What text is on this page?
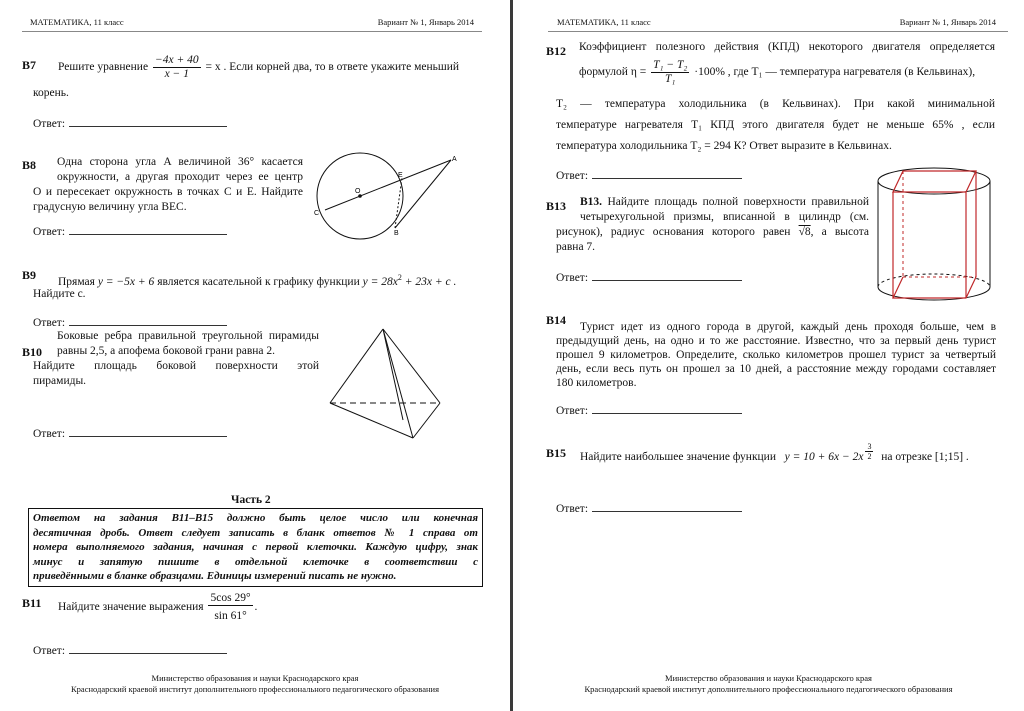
МАТЕМАТИКА, 11 класс	Вариант № 1, Январь 2014
B7 Решите уравнение $\frac{-4x + 40}{x - 1} = x$ . Если корней два, то в ответе укажите меньший
корень.
Ответ:
B8	Одна сторона угла A величиной 36° касается
окружности, а другая проходит через ее центр
O и пересекает окружность в точках C и E. Найдите
градусную величину угла BEC.
A
E
O
C
B
Ответ:
B9 Прямая y = −5x + 6 является касательной к графику функции $y = 28x^2 + 23x + c$ .
Найдите c.
Ответ:
B10
Боковые ребра правильной треугольной пирамиды
равны 2,5, а апофема боковой грани равна 2.
Найдите площадь боковой поверхности этой
пирамиды.
Ответ:
Часть 2
Ответом на задания B11–B15 должно быть целое число или конечная
десятичная дробь. Ответ следует записать в бланк ответов № 1 справа от
номера выполняемого задания, начиная с первой клеточки. Каждую цифру, знак
минус и запятую пишите в отдельной клеточке в соответствии с
приведёнными в бланке образцами. Единицы измерений писать не нужно.
B11 Найдите значение выражения $\frac{5\cos 29^\circ}{\sin 61^\circ}$ .
Ответ:
Министерство образования и науки Краснодарского края
Краснодарский краевой институт дополнительного профессионального педагогического образования
МАТЕМАТИКА, 11 класс	Вариант № 1, Январь 2014
B12 Коэффициент полезного действия (КПД) некоторого двигателя определяется
формулой $\eta = \frac{\text{T₁ − T₂}}{\text{T₁}} \cdot 100\%$ , где T₁ — температура нагревателя (в Кельвинах),
T₂ — температура холодильника (в Кельвинах). При какой минимальной
температуре нагревателя T₁ КПД этого двигателя будет не меньше 65% , если
температура холодильника T₂ = 294 К? Ответ выразите в Кельвинах.
Ответ:
B13	B13. Найдите площадь полной поверхности правильной
четырехугольной призмы, вписанной в цилиндр (см.
рисунок), радиус основания которого равен √8, а высота
равна 7.
Ответ:
B14	Турист идет из одного города в другой, каждый день проходя больше, чем в
предыдущий день, на одно и то же расстояние. Известно, что за первый день турист
прошел 9 километров. Определите, сколько километров прошел турист за четвертый
день, если весь путь он прошел за 10 дней, а расстояние между городами составляет
180 километров.
Ответ:
B15 Найдите наибольшее значение функции $y = 10 + 6x - 2x \frac{3}{2}$ на отрезке [1;15] .
Ответ:
Министерство образования и науки Краснодарского края
Краснодарский краевой институт дополнительного профессионального педагогического образования
